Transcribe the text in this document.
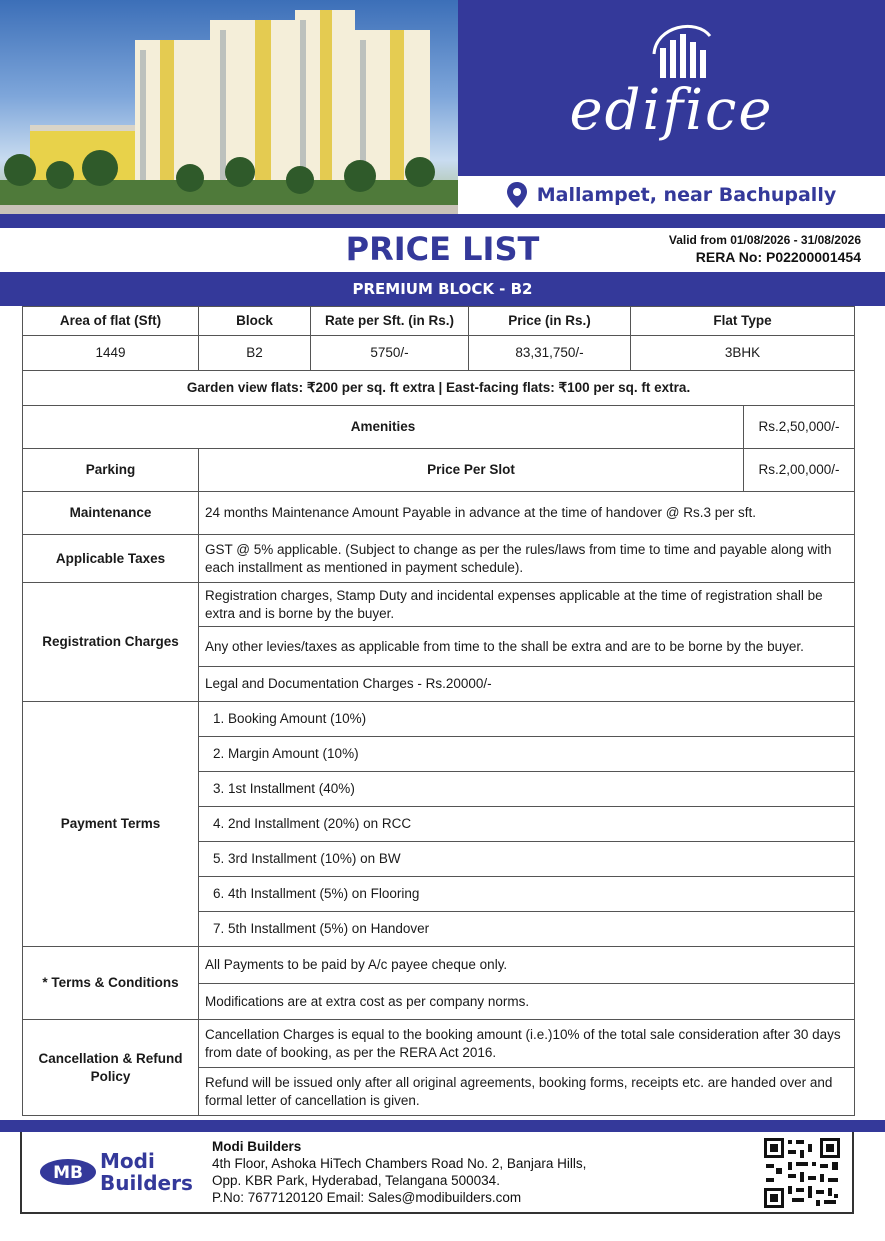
edifice
Mallampet, near Bachupally
PRICE LIST	Valid from 01/08/2026 - 31/08/2026
RERA No: P02200001454
PREMIUM BLOCK - B2
Area of flat (Sft)	Block	Rate per Sft. (in Rs.)	Price (in Rs.)	Flat Type	
1449	B2	5750/-	83,31,750/-	3BHK	
Garden view flats: ₹200 per sq. ft extra | East-facing flats: ₹100 per sq. ft extra.					
Amenities					Rs.2,50,000/-
Parking	Price Per Slot				Rs.2,00,000/-
Maintenance	24 months Maintenance Amount Payable in advance at the time of handover @ Rs.3 per sft.				
Applicable Taxes	GST @ 5% applicable. (Subject to change as per the rules/laws from time to time and payable along with each installment as mentioned in payment schedule).				
Registration Charges	Registration charges, Stamp Duty and incidental expenses applicable at the time of registration shall be extra and is borne by the buyer.				
	Any other levies/taxes as applicable from time to the shall be extra and are to be borne by the buyer.				
	Legal and Documentation Charges - Rs.20000/-				
Payment Terms	1. Booking Amount (10%)				
	2. Margin Amount (10%)				
	3. 1st Installment (40%)				
	4. 2nd Installment (20%) on RCC				
	5. 3rd Installment (10%) on BW				
	6. 4th Installment (5%) on Flooring				
	7. 5th Installment (5%) on Handover				
* Terms & Conditions	All Payments to be paid by A/c payee cheque only.				
	Modifications are at extra cost as per company norms.				
Cancellation & Refund Policy	Cancellation Charges is equal to the booking amount (i.e.)10% of the total sale consideration after 30 days from date of booking, as per the RERA Act 2016.				
	Refund will be issued only after all original agreements, booking forms, receipts etc. are handed over and formal letter of cancellation is given.				
MB Modi
Builders
Modi Builders
4th Floor, Ashoka HiTech Chambers Road No. 2, Banjara Hills,
Opp. KBR Park, Hyderabad, Telangana 500034.
P.No: 7677120120 Email: Sales@modibuilders.com
